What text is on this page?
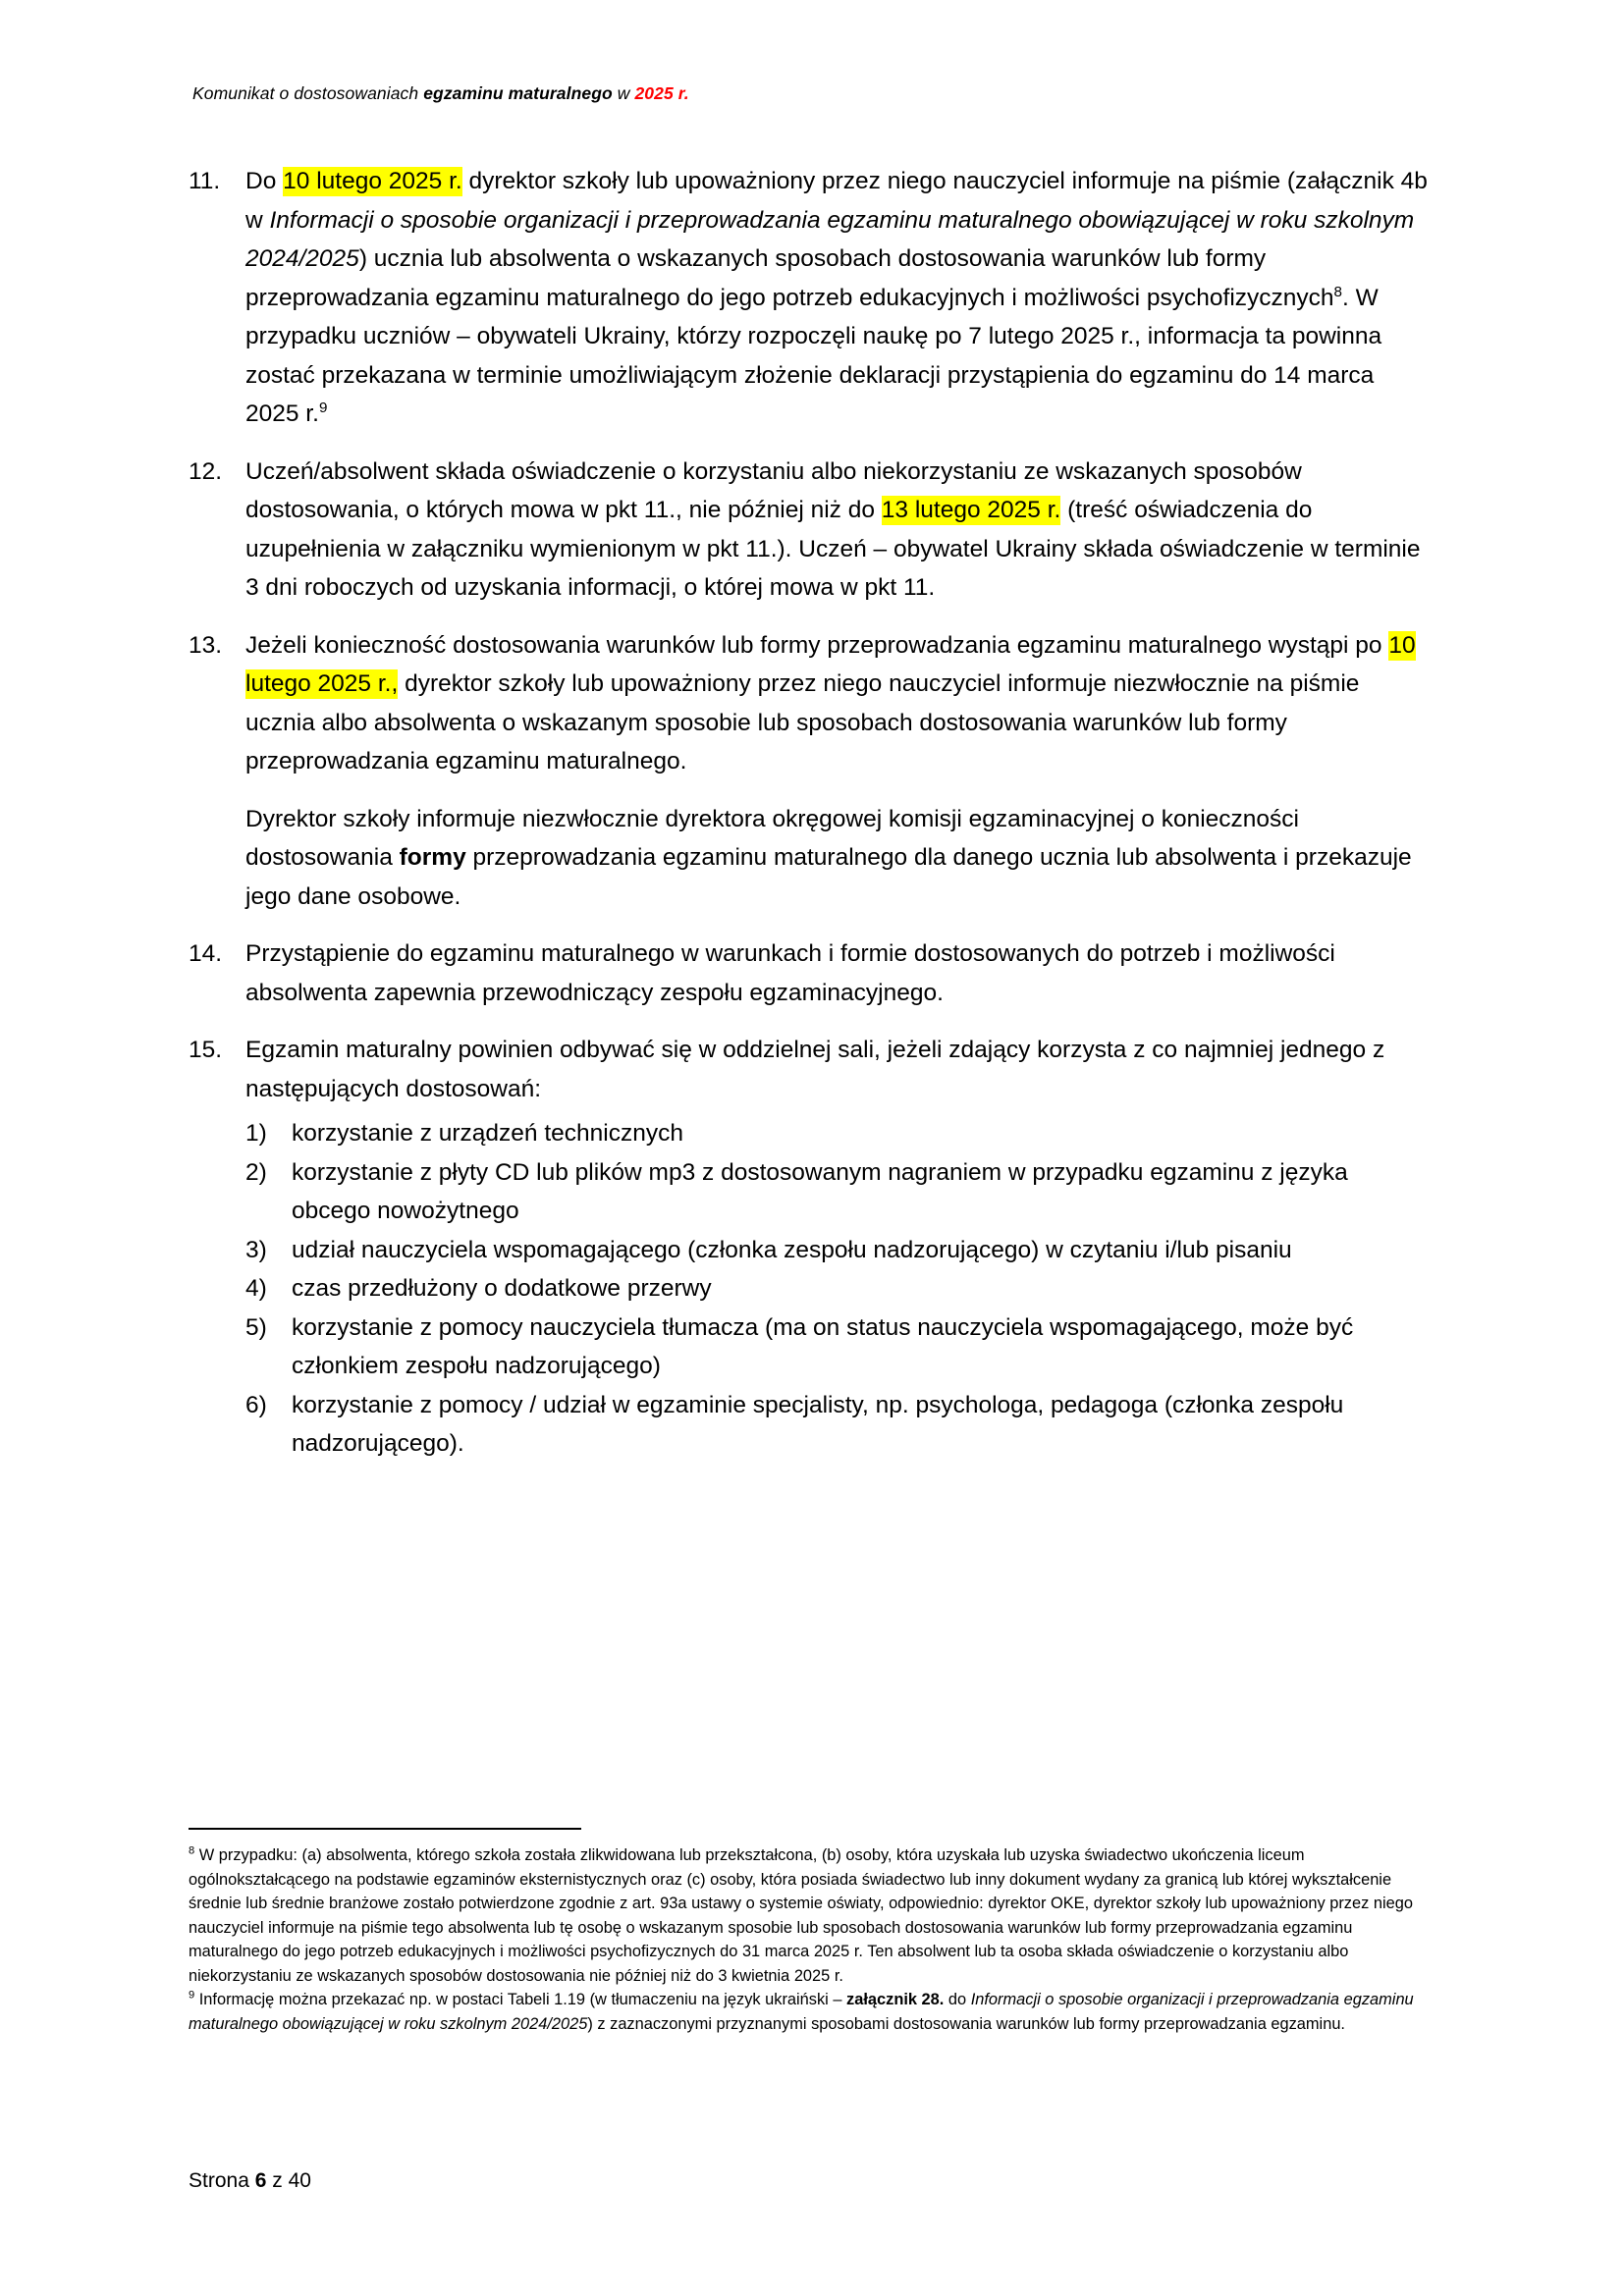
Komunikat o dostosowaniach egzaminu maturalnego w 2025 r.
11.	Do 10 lutego 2025 r. dyrektor szkoły lub upoważniony przez niego nauczyciel informuje na piśmie (załącznik 4b w Informacji o sposobie organizacji i przeprowadzania egzaminu maturalnego obowiązującej w roku szkolnym 2024/2025) ucznia lub absolwenta o wskazanych sposobach dostosowania warunków lub formy przeprowadzania egzaminu maturalnego do jego potrzeb edukacyjnych i możliwości psychofizycznych$^8$. W przypadku uczniów – obywateli Ukrainy, którzy rozpoczęli naukę po 7 lutego 2025 r., informacja ta powinna zostać przekazana w terminie umożliwiającym złożenie deklaracji przystąpienia do egzaminu do 14 marca 2025 r.$^9$
12. Uczeń/absolwent składa oświadczenie o korzystaniu albo niekorzystaniu ze wskazanych sposobów dostosowania, o których mowa w pkt 11., nie później niż do 13 lutego 2025 r. (treść oświadczenia do uzupełnienia w załączniku wymienionym w pkt 11.). Uczeń – obywatel Ukrainy składa oświadczenie w terminie 3 dni roboczych od uzyskania informacji, o której mowa w pkt 11.
13. Jeżeli konieczność dostosowania warunków lub formy przeprowadzania egzaminu maturalnego wystąpi po 10 lutego 2025 r., dyrektor szkoły lub upoważniony przez niego nauczyciel informuje niezwłocznie na piśmie ucznia albo absolwenta o wskazanym sposobie lub sposobach dostosowania warunków lub formy przeprowadzania egzaminu maturalnego.
Dyrektor szkoły informuje niezwłocznie dyrektora okręgowej komisji egzaminacyjnej o konieczności dostosowania formy przeprowadzania egzaminu maturalnego dla danego ucznia lub absolwenta i przekazuje jego dane osobowe.
14. Przystąpienie do egzaminu maturalnego w warunkach i formie dostosowanych do potrzeb i możliwości absolwenta zapewnia przewodniczący zespołu egzaminacyjnego.
15. Egzamin maturalny powinien odbywać się w oddzielnej sali, jeżeli zdający korzysta z co najmniej jednego z następujących dostosowań:
1)	korzystanie z urządzeń technicznych
2)	korzystanie z płyty CD lub plików mp3 z dostosowanym nagraniem w przypadku egzaminu z języka obcego nowożytnego
3)	udział nauczyciela wspomagającego (członka zespołu nadzorującego) w czytaniu i/lub pisaniu
4)	czas przedłużony o dodatkowe przerwy
5)	korzystanie z pomocy nauczyciela tłumacza (ma on status nauczyciela wspomagającego, może być członkiem zespołu nadzorującego)
6)	korzystanie z pomocy / udział w egzaminie specjalisty, np. psychologa, pedagoga (członka zespołu nadzorującego).
$^8$ W przypadku: (a) absolwenta, którego szkoła została zlikwidowana lub przekształcona, (b) osoby, która uzyskała lub uzyska świadectwo ukończenia liceum ogólnokształcącego na podstawie egzaminów eksternistycznych oraz (c) osoby, która posiada świadectwo lub inny dokument wydany za granicą lub której wykształcenie średnie lub średnie branżowe zostało potwierdzone zgodnie z art. 93a ustawy o systemie oświaty, odpowiednio: dyrektor OKE, dyrektor szkoły lub upoważniony przez niego nauczyciel informuje na piśmie tego absolwenta lub tę osobę o wskazanym sposobie lub sposobach dostosowania warunków lub formy przeprowadzania egzaminu maturalnego do jego potrzeb edukacyjnych i możliwości psychofizycznych do 31 marca 2025 r. Ten absolwent lub ta osoba składa oświadczenie o korzystaniu albo niekorzystaniu ze wskazanych sposobów dostosowania nie później niż do 3 kwietnia 2025 r.
$^9$ Informację można przekazać np. w postaci Tabeli 1.19 (w tłumaczeniu na język ukraiński – załącznik 28. do Informacji o sposobie organizacji i przeprowadzania egzaminu maturalnego obowiązującej w roku szkolnym 2024/2025) z zaznaczonymi przyznanymi sposobami dostosowania warunków lub formy przeprowadzania egzaminu.
Strona 6 z 40
